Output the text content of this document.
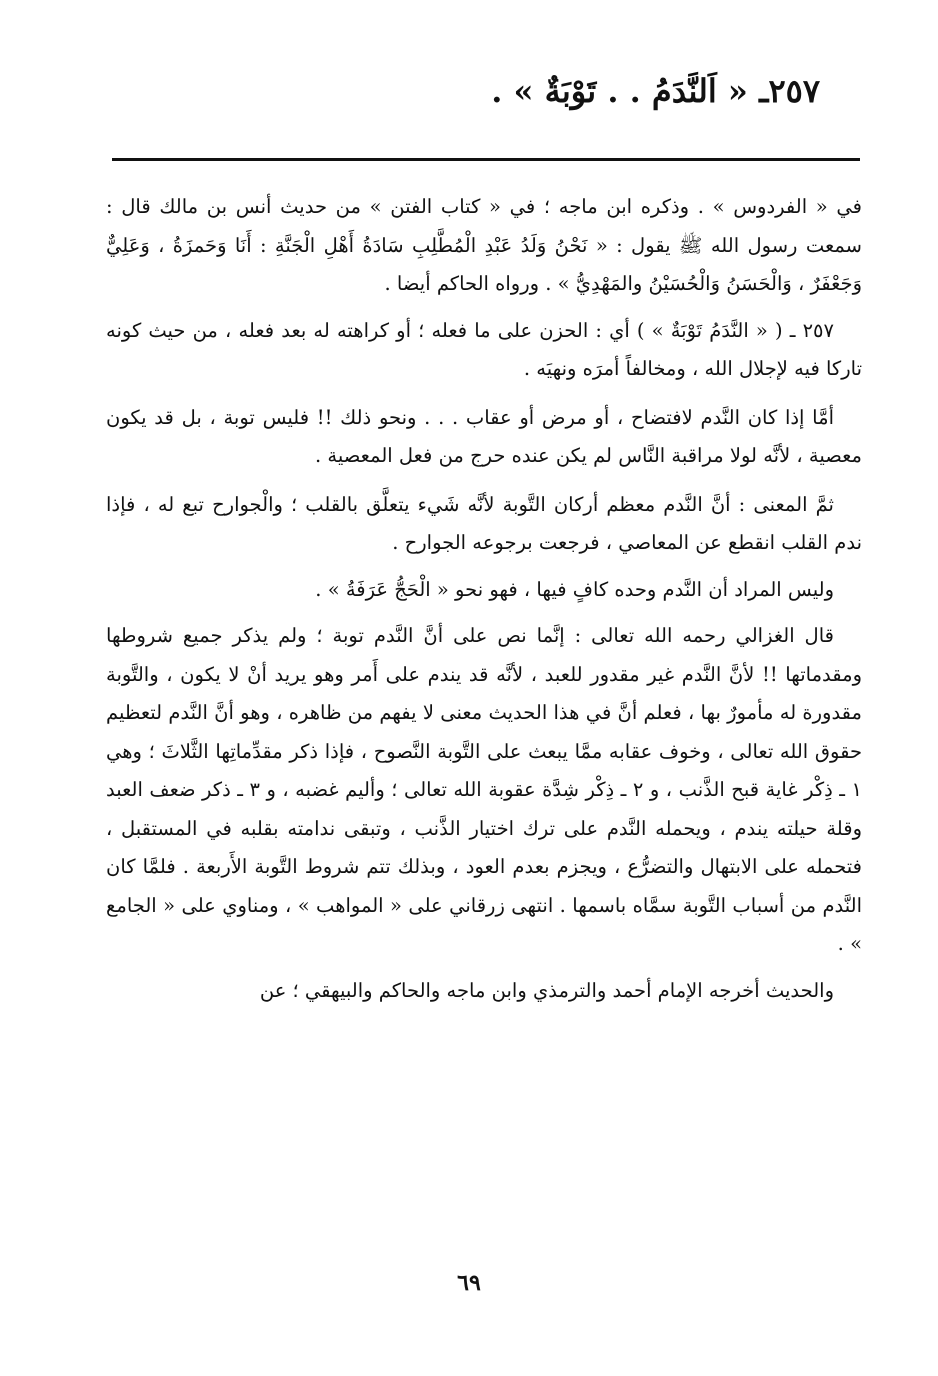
٢٥٧ـ « اَلنَّدَمُ . . تَوْبَةٌ » .

في « الفردوس » . وذكره ابن ماجه ؛ في « كتاب الفتن » من حديث أنس بن مالك قال : سمعت رسول الله ﷺ يقول : « نَحْنُ وَلَدُ عَبْدِ الْمُطَّلِبِ سَادَةُ أَهْلِ الْجَنَّةِ : أَنَا وَحَمزَةُ ، وَعَلِيٌّ وَجَعْفَرٌ ، وَالْحَسَنُ وَالْحُسَيْنُ والمَهْدِيُّ » . ورواه الحاكم أيضا .

٢٥٧ ـ ( « النَّدَمُ تَوْبَةٌ » ) أي : الحزن على ما فعله ؛ أو كراهته له بعد فعله ، من حيث كونه تاركا فيه لإجلال الله ، ومخالفاً أمرَه ونهيَه .

أمَّا إذا كان النَّدم لافتضاح ، أو مرض أو عقاب . . . ونحو ذلك !! فليس توبة ، بل قد يكون معصية ، لأنَّه لولا مراقبة النَّاس لم يكن عنده حرج من فعل المعصية .

ثمَّ المعنى : أنَّ النَّدم معظم أركان التَّوبة لأنَّه شَيء يتعلَّق بالقلب ؛ والْجوارح تبع له ، فإذا ندم القلب انقطع عن المعاصي ، فرجعت برجوعه الجوارح .

وليس المراد أن النَّدم وحده كافٍ فيها ، فهو نحو « الْحَجُّ عَرَفَةُ » .

قال الغزالي رحمه الله تعالى : إنَّما نص على أنَّ النَّدم توبة ؛ ولم يذكر جميع شروطها ومقدماتها !! لأنَّ النَّدم غير مقدور للعبد ، لأنَّه قد يندم على أَمر وهو يريد أنْ لا يكون ، والتَّوبة مقدورة له مأمورٌ بها ، فعلم أنَّ في هذا الحديث معنى لا يفهم من ظاهره ، وهو أنَّ النَّدم لتعظيم حقوق الله تعالى ، وخوف عقابه ممَّا يبعث على التَّوبة النَّصوح ، فإذا ذكر مقدِّماتِها الثَّلاثَ ؛ وهي ١ ـ ذِكْر غاية قبح الذَّنب ، و ٢ ـ ذِكْر شِدَّة عقوبة الله تعالى ؛ وأليم غضبه ، و ٣ ـ ذكر ضعف العبد وقلة حيلته يندم ، ويحمله النَّدم على ترك اختيار الذَّنب ، وتبقى ندامته بقلبه في المستقبل ، فتحمله على الابتهال والتضرُّع ، ويجزم بعدم العود ، وبذلك تتم شروط التَّوبة الأَربعة . فلمَّا كان النَّدم من أسباب التَّوبة سمَّاه باسمها . انتهى زرقاني على « المواهب » ، ومناوي على « الجامع » .

والحديث أخرجه الإمام أحمد والترمذي وابن ماجه والحاكم والبيهقي ؛ عن

٦٩
